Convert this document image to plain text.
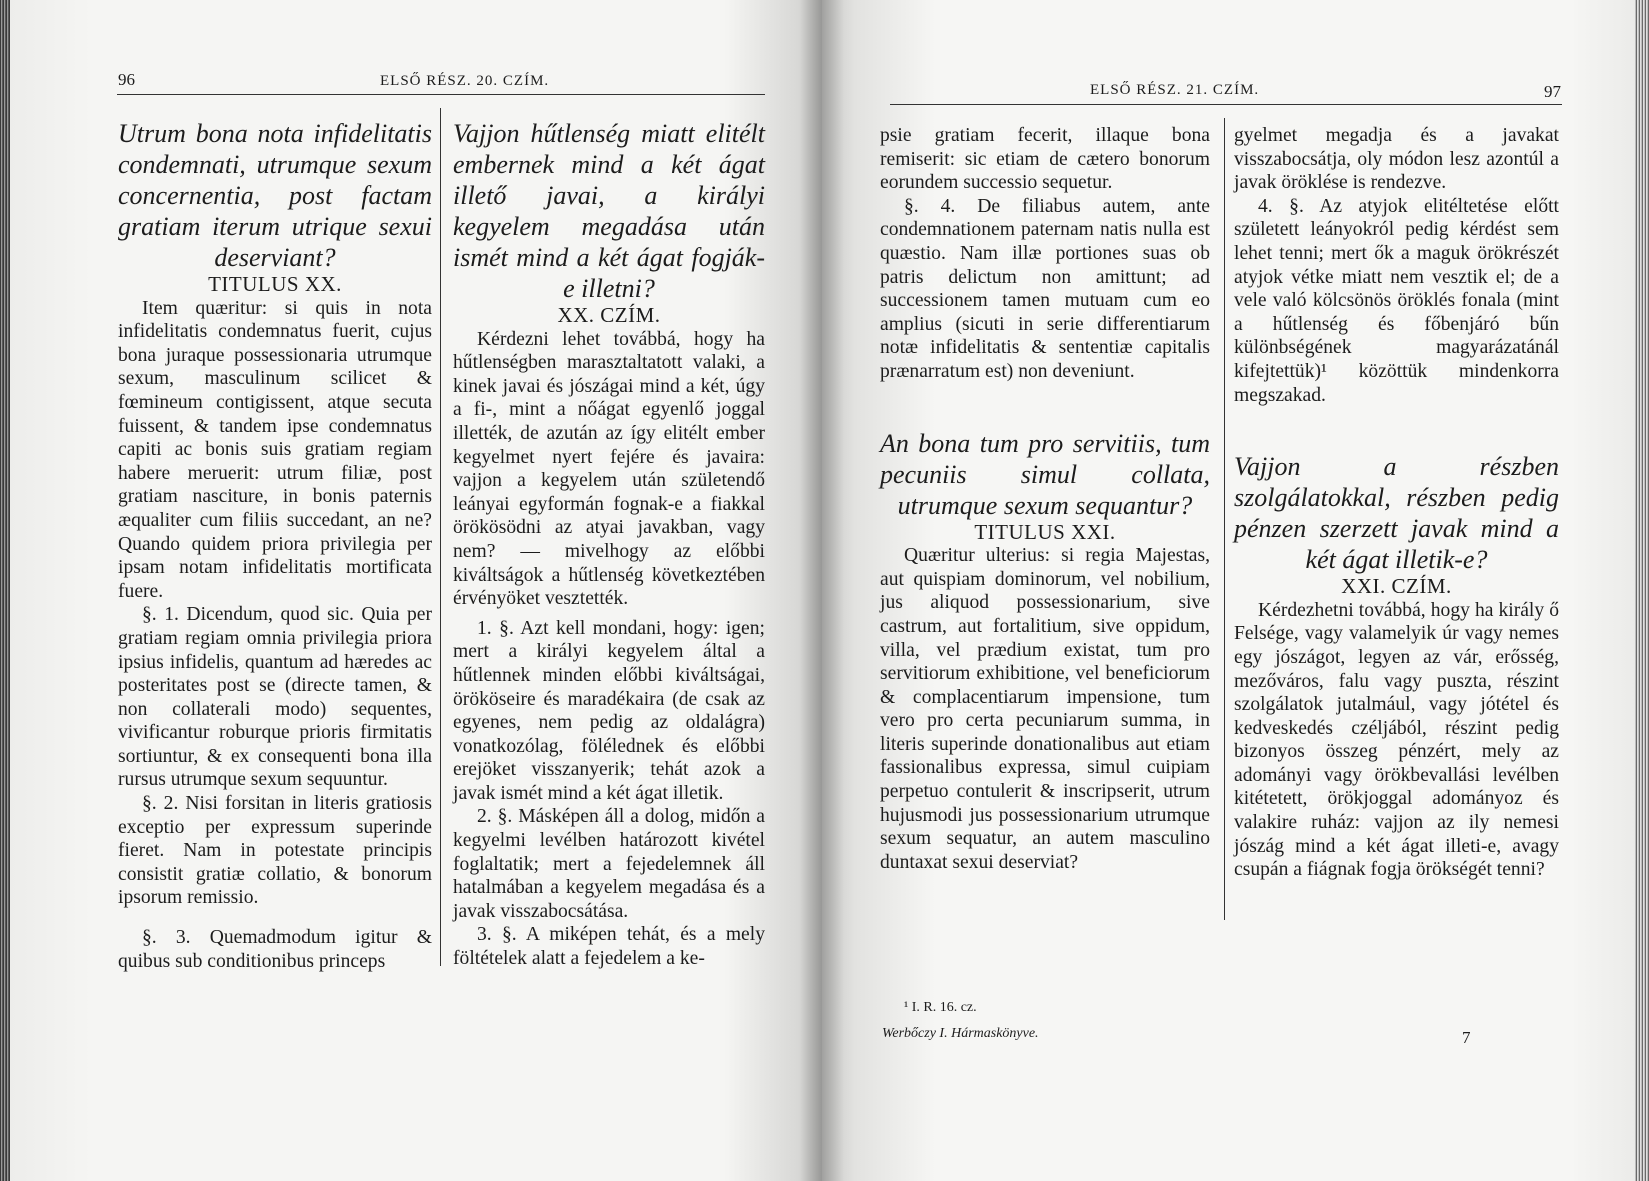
96	ELSŐ RÉSZ. 20. CZÍM.

Utrum bona nota infidelitatis condemnati, utrumque sexum concernentia, post factam gratiam iterum utrique sexui deserviant?

TITULUS XX.

Item quæritur: si quis in nota infidelitatis condemnatus fuerit, cujus bona juraque possessionaria utrumque sexum, masculinum scilicet & fœmineum contigissent, atque secuta fuissent, & tandem ipse condemnatus capiti ac bonis suis gratiam regiam habere meruerit: utrum filiæ, post gratiam nasciture, in bonis paternis æqualiter cum filiis succedant, an ne? Quando quidem priora privilegia per ipsam notam infidelitatis mortificata fuere.

§. 1. Dicendum, quod sic. Quia per gratiam regiam omnia privilegia priora ipsius infidelis, quantum ad hæredes ac posteritates post se (directe tamen, & non collaterali modo) sequentes, vivificantur roburque prioris firmitatis sortiuntur, & ex consequenti bona illa rursus utrumque sexum sequuntur.

§. 2. Nisi forsitan in literis gratiosis exceptio per expressum superinde fieret. Nam in potestate principis consistit gratiæ collatio, & bonorum ipsorum remissio.

§. 3. Quemadmodum igitur & quibus sub conditionibus princeps

Vajjon hűtlenség miatt elitélt embernek mind a két ágat illető javai, a királyi kegyelem megadása után ismét mind a két ágat fogják-e illetni?

XX. CZÍM.

Kérdezni lehet továbbá, hogy ha hűtlenségben marasztaltatott valaki, a kinek javai és jószágai mind a két, úgy a fi-, mint a nőágat egyenlő joggal illették, de azután az így elitélt ember kegyelmet nyert fejére és javaira: vajjon a kegyelem után születendő leányai egyformán fognak-e a fiakkal örökösödni az atyai javakban, vagy nem? — mivelhogy az előbbi kiváltságok a hűtlenség következtében érvényöket vesztették.

1. §. Azt kell mondani, hogy: igen; mert a királyi kegyelem által a hűtlennek minden előbbi kiváltságai, örököseire és maradékaira (de csak az egyenes, nem pedig az oldalágra) vonatkozólag, fölélednek és előbbi erejöket visszanyerik; tehát azok a javak ismét mind a két ágat illetik.

2. §. Másképen áll a dolog, midőn a kegyelmi levélben határozott kivétel foglaltatik; mert a fejedelemnek áll hatalmában a kegyelem megadása és a javak visszabocsátása.

3. §. A miképen tehát, és a mely föltételek alatt a fejedelem a ke-

ELSŐ RÉSZ. 21. CZÍM.	97

psie gratiam fecerit, illaque bona remiserit: sic etiam de cætero bonorum eorundem successio sequetur.

§. 4. De filiabus autem, ante condemnationem paternam natis nulla est quæstio. Nam illæ portiones suas ob patris delictum non amittunt; ad successionem tamen mutuam cum eo amplius (sicuti in serie differentiarum notæ infidelitatis & sententiæ capitalis prænarratum est) non deveniunt.

An bona tum pro servitiis, tum pecuniis simul collata, utrumque sexum sequantur?

TITULUS XXI.

Quæritur ulterius: si regia Majestas, aut quispiam dominorum, vel nobilium, jus aliquod possessionarium, sive castrum, aut fortalitium, sive oppidum, villa, vel prædium existat, tum pro servitiorum exhibitione, vel beneficiorum & complacentiarum impensione, tum vero pro certa pecuniarum summa, in literis superinde donationalibus aut etiam fassionalibus expressa, simul cuipiam perpetuo contulerit & inscripserit, utrum hujusmodi jus possessionarium utrumque sexum sequatur, an autem masculino duntaxat sexui deserviat?

gyelmet megadja és a javakat visszabocsátja, oly módon lesz azontúl a javak öröklése is rendezve.

4. §. Az atyjok elitéltetése előtt született leányokról pedig kérdést sem lehet tenni; mert ők a maguk örökrészét atyjok vétke miatt nem vesztik el; de a vele való kölcsönös öröklés fonala (mint a hűtlenség és főbenjáró bűn különbségének magyarázatánál kifejtettük)¹ közöttük mindenkorra megszakad.

Vajjon a részben szolgálatokkal, részben pedig pénzen szerzett javak mind a két ágat illetik-e?

XXI. CZÍM.

Kérdezhetni továbbá, hogy ha király ő Felsége, vagy valamelyik úr vagy nemes egy jószágot, legyen az vár, erősség, mezőváros, falu vagy puszta, részint szolgálatok jutalmául, vagy jótétel és kedveskedés czéljából, részint pedig bizonyos összeg pénzért, mely az adományi vagy örökbevallási levélben kitétetett, örökjoggal adományoz és valakire ruház: vajjon az ily nemesi jószág mind a két ágat illeti-e, avagy csupán a fiágnak fogja örökségét tenni?

¹ I. R. 16. cz.
Werbőczy I. Hármaskönyve.	7
